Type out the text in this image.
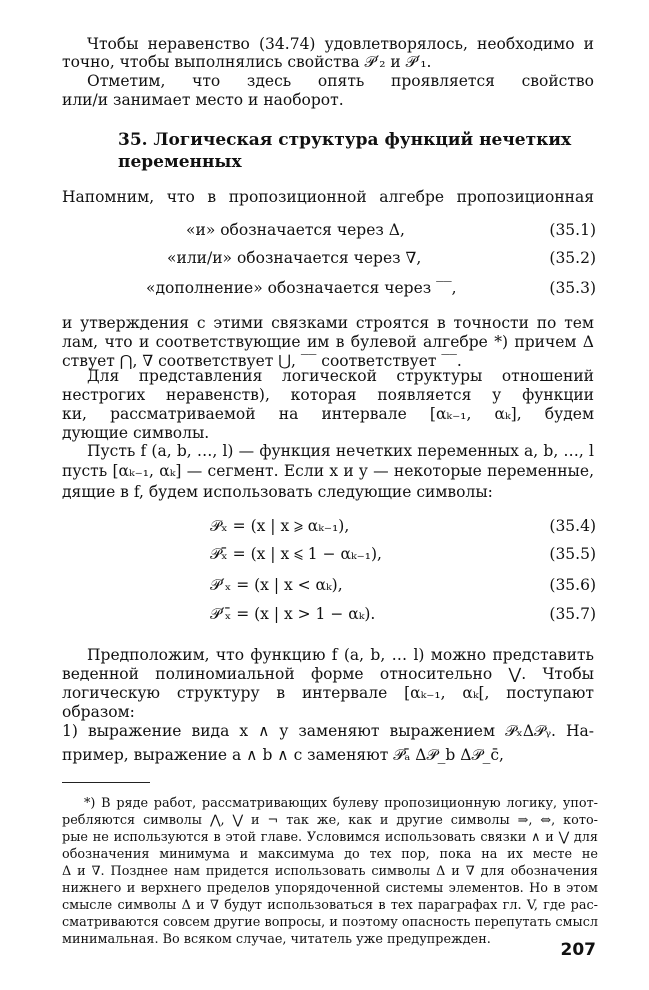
Чтобы неравенство (34.74) удовлетворялось, необходимо и
точно, чтобы выполнялись свойства 𝒫′₂ и 𝒫′₁.
Отметим, что здесь опять проявляется свойство
или/и занимает место и наоборот.
35. Логическая структура функций нечетких
переменных
Напомним, что в пропозиционной алгебре пропозиционная
«и» обозначается через Δ,	(35.1)
«или/и» обозначается через ∇,	(35.2)
«дополнение» обозначается через ‾‾,	(35.3)
и утверждения с этими связками строятся в точности по тем
лам, что и соответствующие им в булевой алгебре *) причем Δ
ствует ⋂, ∇ соответствует ⋃, ‾‾ соответствует ‾‾.
Для представления логической структуры отношений
нестрогих неравенств), которая появляется у функции
ки, рассматриваемой на интервале [αₖ₋₁, αₖ], будем
дующие символы.
Пусть f (a, b, …, l) — функция нечетких переменных a, b, …, l
пусть [αₖ₋₁, αₖ] — сегмент. Если x и y — некоторые переменные,
дящие в f, будем использовать следующие символы:
𝒫ₓ = (x | x ⩾ αₖ₋₁),	(35.4)
𝒫ₓ̄ = (x | x ⩽ 1 − αₖ₋₁),	(35.5)
𝒫′ₓ = (x | x < αₖ),	(35.6)
𝒫′ₓ̄ = (x | x > 1 − αₖ).	(35.7)
Предположим, что функцию f (a, b, … l) можно представить
веденной полиномиальной форме относительно ⋁. Чтобы
логическую структуру в интервале [αₖ₋₁, αₖ[, поступают
образом:
1) выражение вида x ∧ y заменяют выражением 𝒫ₓΔ𝒫ᵧ. На-
пример, выражение a ∧ b ∧ c заменяют 𝒫ₐ̄ Δ𝒫_b Δ𝒫_c̄,
*) В ряде работ, рассматривающих булеву пропозиционную логику, упот-
ребляются символы ⋀, ⋁ и ¬ так же, как и другие символы ⇒, ⇔, кото-
рые не используются в этой главе. Условимся использовать связки ∧ и ⋁ для
обозначения минимума и максимума до тех пор, пока на их месте не
Δ и ∇. Позднее нам придется использовать символы Δ и ∇ для обозначения
нижнего и верхнего пределов упорядоченной системы элементов. Но в этом
смысле символы Δ и ∇ будут использоваться в тех параграфах гл. V, где рас-
сматриваются совсем другие вопросы, и поэтому опасность перепутать смысл
минимальная. Во всяком случае, читатель уже предупрежден.
207
